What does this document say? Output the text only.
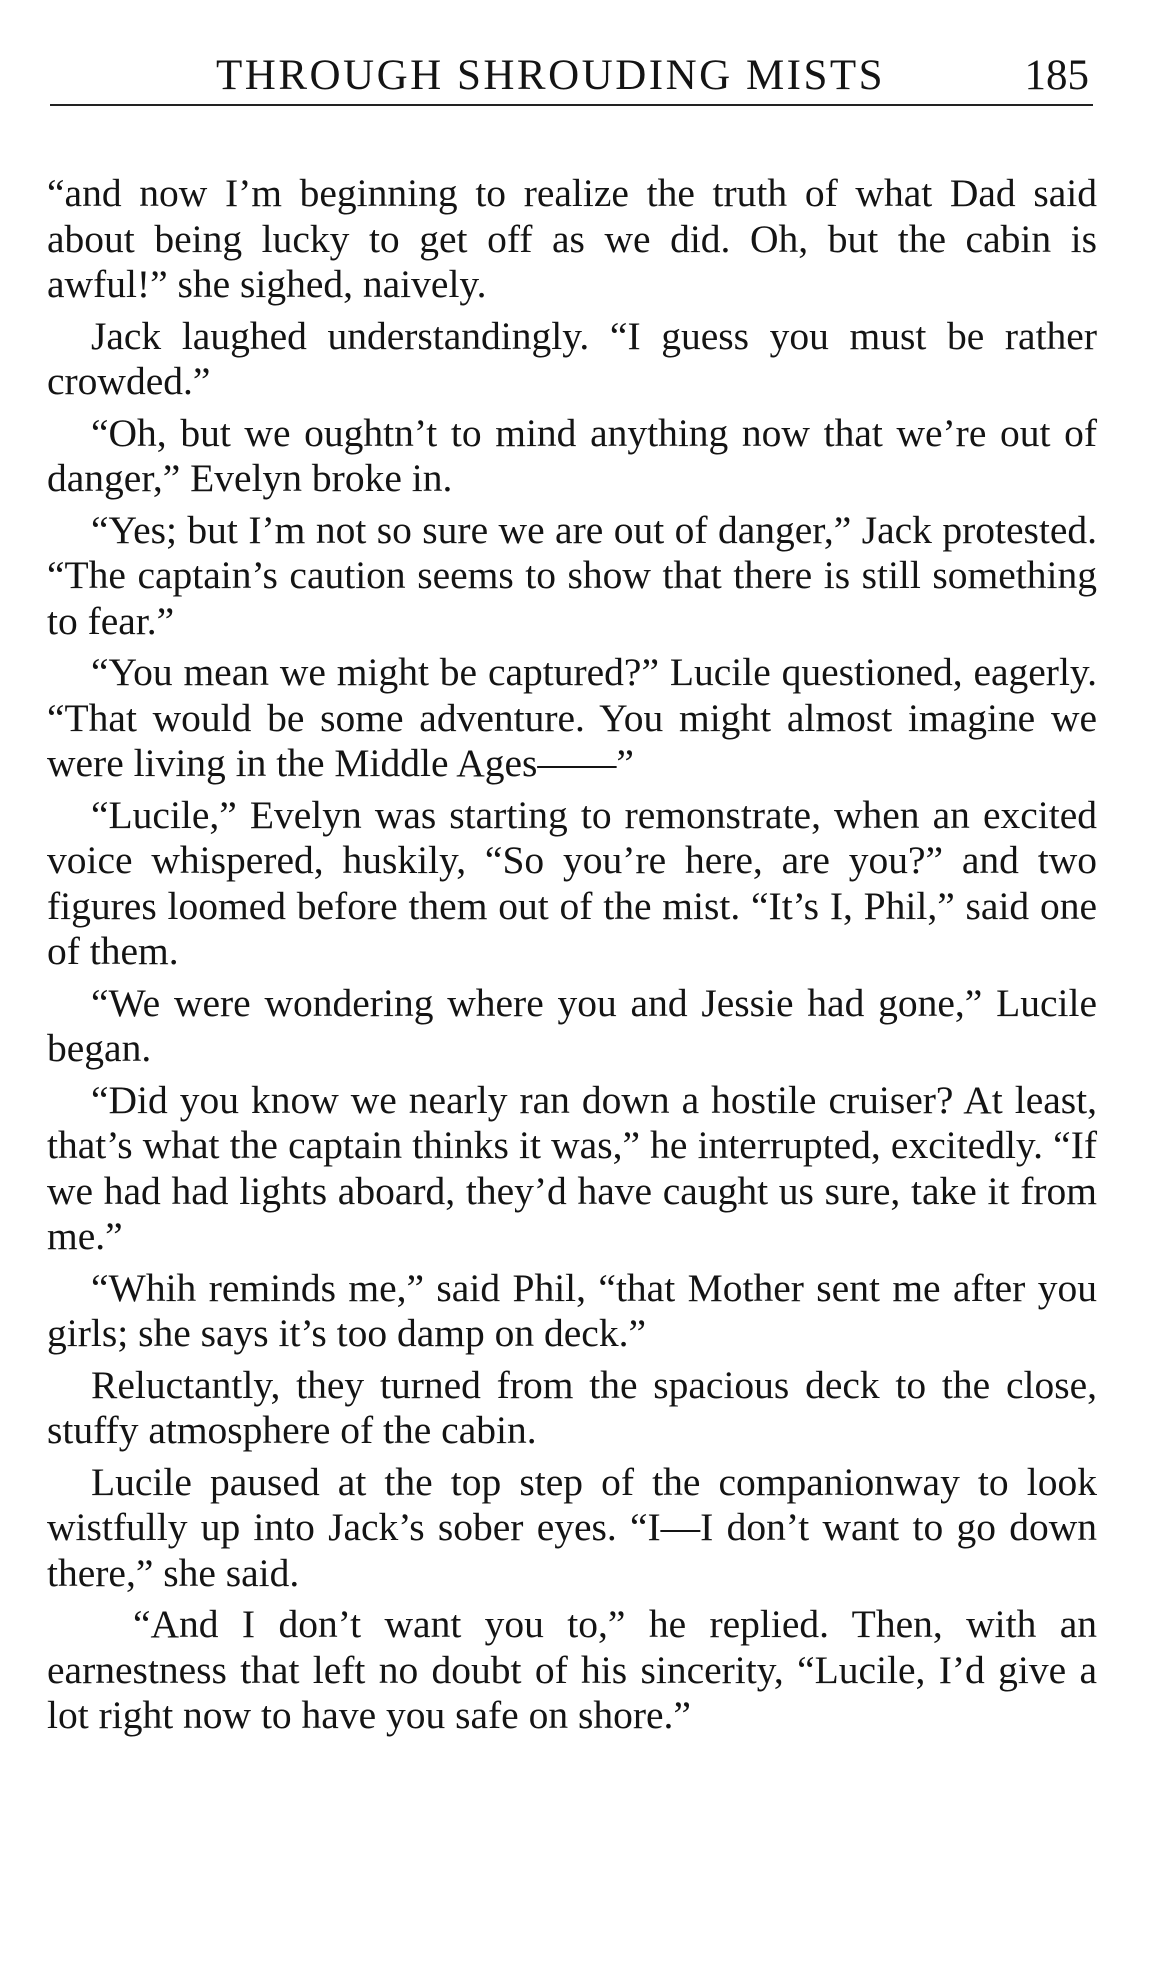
THROUGH SHROUDING MISTS	185

“and now I’m beginning to realize the truth of what Dad said about being lucky to get off as we did. Oh, but the cabin is awful!” she sighed, naively.

Jack laughed understandingly. “I guess you must be rather crowded.”

“Oh, but we oughtn’t to mind anything now that we’re out of danger,” Evelyn broke in.

“Yes; but I’m not so sure we are out of danger,” Jack protested. “The captain’s caution seems to show that there is still something to fear.”

“You mean we might be captured?” Lucile questioned, eagerly. “That would be some adventure. You might almost imagine we were living in the Middle Ages——”

“Lucile,” Evelyn was starting to remonstrate, when an excited voice whispered, huskily, “So you’re here, are you?” and two figures loomed before them out of the mist. “It’s I, Phil,” said one of them.

“We were wondering where you and Jessie had gone,” Lucile began.

“Did you know we nearly ran down a hostile cruiser? At least, that’s what the captain thinks it was,” he interrupted, excitedly. “If we had had lights aboard, they’d have caught us sure, take it from me.”

“Whih reminds me,” said Phil, “that Mother sent me after you girls; she says it’s too damp on deck.”

Reluctantly, they turned from the spacious deck to the close, stuffy atmosphere of the cabin.

Lucile paused at the top step of the companionway to look wistfully up into Jack’s sober eyes. “I—I don’t want to go down there,” she said.

“And I don’t want you to,” he replied. Then, with an earnestness that left no doubt of his sincerity, “Lucile, I’d give a lot right now to have you safe on shore.”
